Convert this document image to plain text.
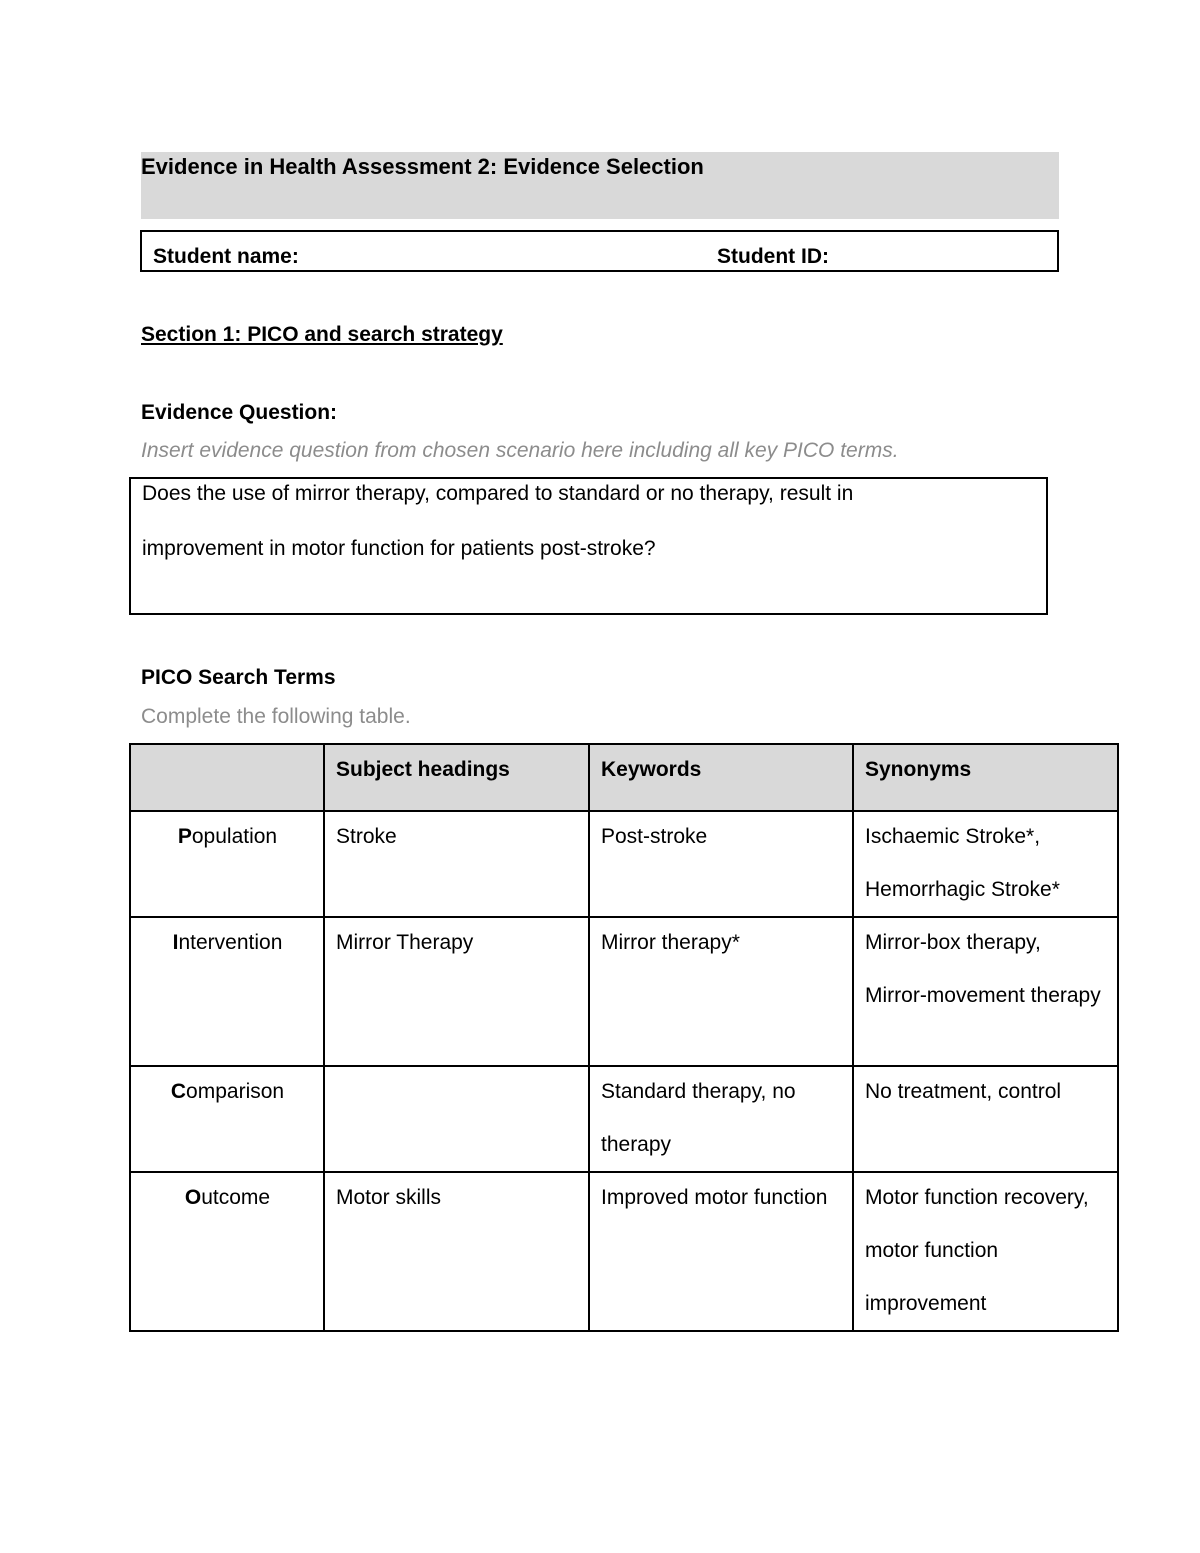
Evidence in Health Assessment 2: Evidence Selection
Student name:	Student ID:
Section 1: PICO and search strategy
Evidence Question:
Insert evidence question from chosen scenario here including all key PICO terms.
Does the use of mirror therapy, compared to standard or no therapy, result in
improvement in motor function for patients post-stroke?
PICO Search Terms
Complete the following table.

	Subject headings	Keywords	Synonyms

Population	Stroke	Post-stroke	Ischaemic Stroke*, Hemorrhagic Stroke*

Intervention	Mirror Therapy	Mirror therapy*	Mirror-box therapy, Mirror-movement therapy

Comparison		Standard therapy, no therapy	No treatment, control

Outcome	Motor skills	Improved motor function	Motor function recovery, motor function improvement
